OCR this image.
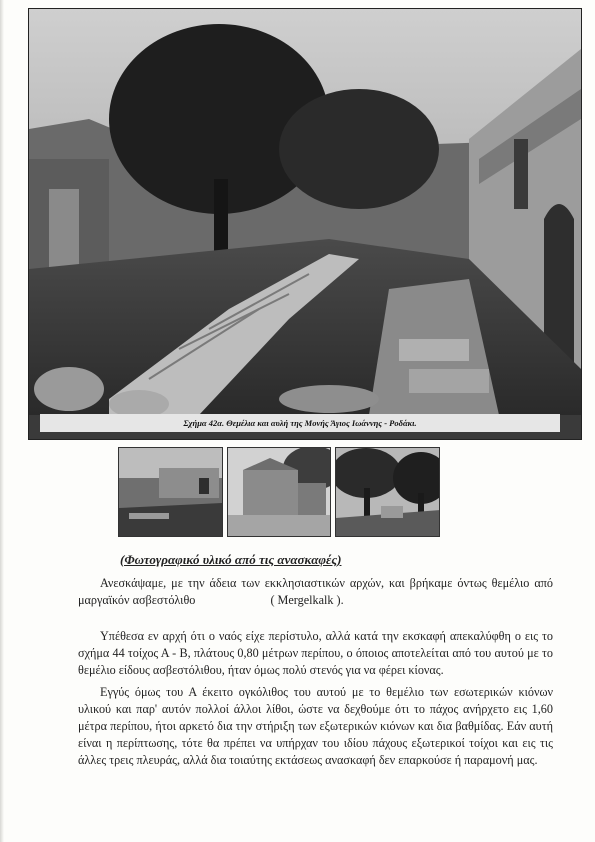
Σχήμα 42α. Θεμέλια και αυλή της Μονής Άγιος Ιωάννης - Ροδάκι.
(Φωτογραφικό υλικό από τις ανασκαφές)

Ανεσκάψαμε, με την άδεια των εκκλησιαστικών αρχών, και βρήκαμε όντως θεμέλιο από μαργαϊκόν ασβεστόλιθο	( Mergelkalk ).

Υπέθεσα εν αρχή ότι ο ναός είχε περίστυλο, αλλά κατά την εκσκαφή απεκαλύφθη ο εις το σχήμα 44 τοίχος Α - Β, πλάτους 0,80 μέτρων περίπου, ο όποιος αποτελείται από του αυτού με το θεμέλιο είδους ασβεστόλιθου, ήταν όμως πολύ στενός για να φέρει κίονας.

Εγγύς όμως του Α έκειτο ογκόλιθος του αυτού με το θεμέλιο των εσωτερικών κιόνων υλικού και παρ' αυτόν πολλοί άλλοι λίθοι, ώστε να δεχθούμε ότι το πάχος ανήρχετο εις 1,60 μέτρα περίπου, ήτοι αρκετό δια την στήριξη των εξωτερικών κιόνων και δια βαθμίδας. Εάν αυτή είναι η περίπτωσης, τότε θα πρέπει να υπήρχαν του ιδίου πάχους εξωτερικοί τοίχοι και εις τις άλλες τρεις πλευράς, αλλά δια τοιαύτης εκτάσεως ανασκαφή δεν επαρκούσε ή παραμονή μας.
